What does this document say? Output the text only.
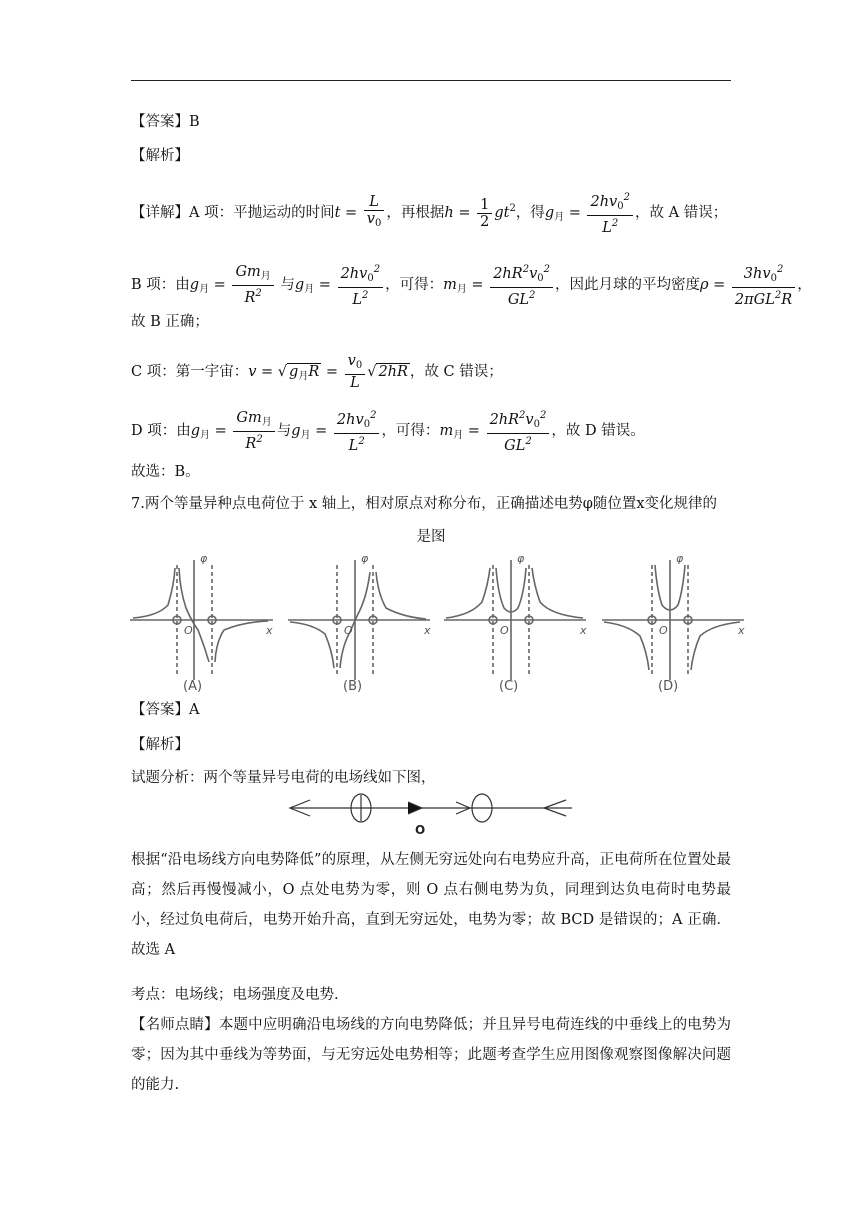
【答案】B
【解析】
【详解】A 项：平抛运动的时间$t = \frac{L}{v_0}$ ，再根据$h = \frac{1}{2} gt^2$，得$g_月 = \frac{2hv_0^2}{L^2}$ ，故 A 错误；
B 项：由$g_月 = \frac{Gm_月}{R^2}$ 与$g_月 = \frac{2hv_0^2}{L^2}$ ，可得：$m_月 = \frac{2hR^2v_0^2}{GL^2}$ ，因此月球的平均密度$\rho = \frac{3hv_0^2}{2\pi GL^2R}$ ，
故 B 正确；
C 项：第一宇宙：v = √ $g_月R = \frac{v_0}{L}$ √ 2hR ，故 C 错误；
D 项：由$g_月 = \frac{Gm_月}{R^2}$ 与$g_月 = \frac{2hv_0^2}{L^2}$ ，可得：$m_月 = \frac{2hR^2v_0^2}{GL^2}$ ，故 D 错误。
故选：B。
7.两个等量异种点电荷位于 x 轴上，相对原点对称分布，正确描述电势φ随位置x变化规律的
是图
φ
x
O
(A)
φ
x
O
(B)
φ
x
O
(C)
φ
x
O
(D)
【答案】A
【解析】
试题分析：两个等量异号电荷的电场线如下图，
O
根据“沿电场线方向电势降低”的原理，从左侧无穷远处向右电势应升高，正电荷所在位置处最高；然后再慢慢减小，O 点处电势为零，则 O 点右侧电势为负，同理到达负电荷时电势最小，经过负电荷后，电势开始升高，直到无穷远处，电势为零；故 BCD 是错误的；A 正确．故选 A
考点：电场线；电场强度及电势.
【名师点睛】本题中应明确沿电场线的方向电势降低；并且异号电荷连线的中垂线上的电势为零；因为其中垂线为等势面，与无穷远处电势相等；此题考查学生应用图像观察图像解决问题的能力.
